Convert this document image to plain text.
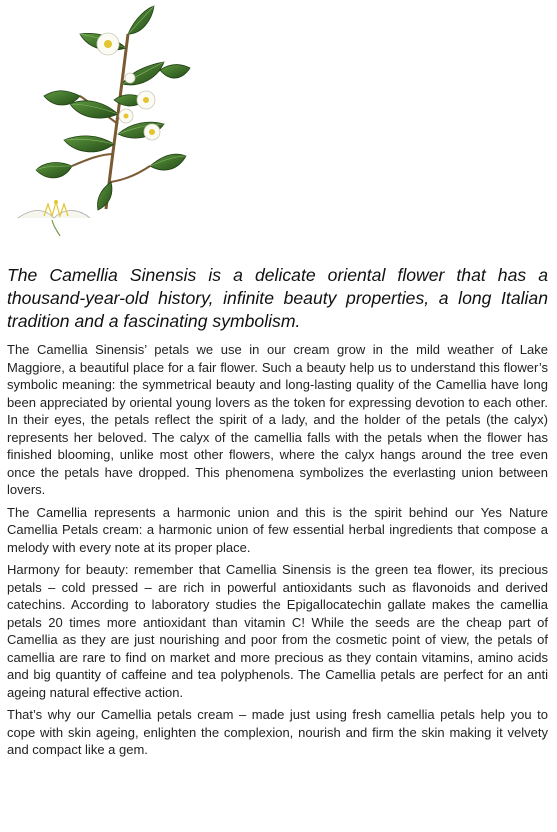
The Camellia Sinensis is a delicate oriental flower that has a thousand-year-old history, infinite beauty properties, a long Italian tradition and a fascinating symbolism.

The Camellia Sinensis’ petals we use in our cream grow in the mild weather of Lake Maggiore, a beautiful place for a fair flower. Such a beauty help us to understand this flower’s symbolic meaning: the symmetrical beauty and long-lasting quality of the Camellia have long been appreciated by oriental young lovers as the token for expressing devotion to each other. In their eyes, the petals reflect the spirit of a lady, and the holder of the petals (the calyx) represents her beloved. The calyx of the camellia falls with the petals when the flower has finished blooming, unlike most other flowers, where the calyx hangs around the tree even once the petals have dropped. This phenomena symbolizes the everlasting union between lovers.

The Camellia represents a harmonic union and this is the spirit behind our Yes Nature Camellia Petals cream: a harmonic union of few essential herbal ingredients that compose a melody with every note at its proper place.

Harmony for beauty: remember that Camellia Sinensis is the green tea flower, its precious petals – cold pressed – are rich in powerful antioxidants such as flavonoids and derived catechins. According to laboratory studies the Epigallocatechin gallate makes the camellia petals 20 times more antioxidant than vitamin C! While the seeds are the cheap part of Camellia as they are just nourishing and poor from the cosmetic point of view, the petals of camellia are rare to find on market and more precious as they contain vitamins, amino acids and big quantity of caffeine and tea polyphenols. The Camellia petals are perfect for an anti ageing natural effective action.

That’s why our Camellia petals cream – made just using fresh camellia petals help you to cope with skin ageing, enlighten the complexion, nourish and firm the skin making it velvety and compact like a gem.
